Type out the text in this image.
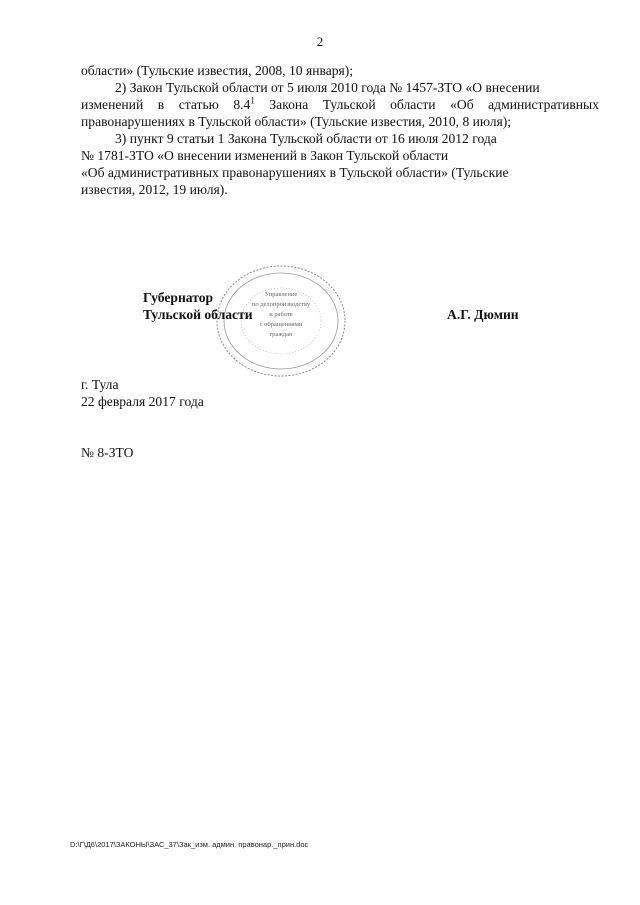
2
области» (Тульские известия, 2008, 10 января);
2) Закон Тульской области от 5 июля 2010 года № 1457-ЗТО «О внесении
изменений в статью $8.4^1$ Закона Тульской области «Об административных
правонарушениях в Тульской области» (Тульские известия, 2010, 8 июля);
3) пункт 9 статьи 1 Закона Тульской области от 16 июля 2012 года
№ 1781-ЗТО «О внесении изменений в Закон Тульской области
«Об административных правонарушениях в Тульской области» (Тульские
известия, 2012, 19 июля).
Управление
по делопроизводству
и работе
с обращениями
граждан
Губернатор
Тульской области	А.Г. Дюмин
г. Тула
22 февраля 2017 года
№ 8-ЗТО
D:\Г\Д6\2017\ЗАКОНЫ\ЗАС_37\Зак_изм. админ. правонар._прин.doc
